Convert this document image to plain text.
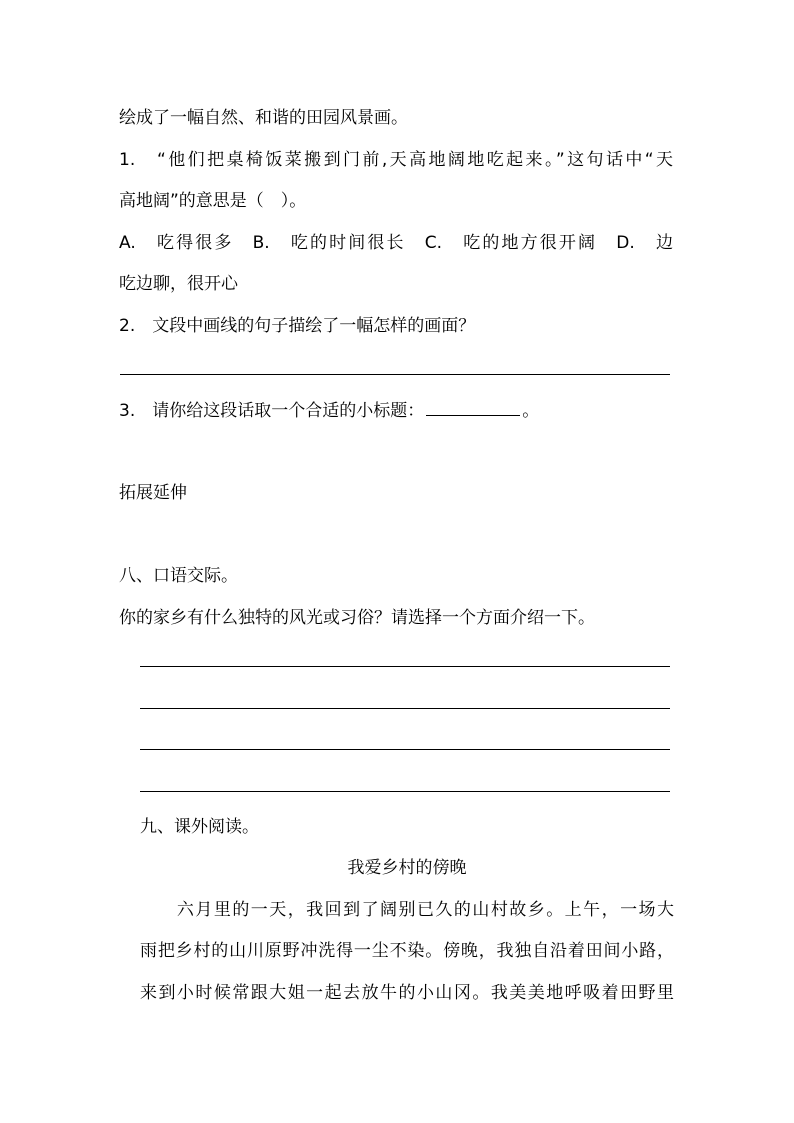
绘成了一幅自然、和谐的田园风景画。
1.　“他们把桌椅饭菜搬到门前,天高地阔地吃起来。”这句话中“天
高地阔”的意思是（　）。
A.　吃得很多　B.　吃的时间很长　C.　吃的地方很开阔　D.　边
吃边聊，很开心
2.　文段中画线的句子描绘了一幅怎样的画面？
3.　请你给这段话取一个合适的小标题：	。
拓展延伸
八、口语交际。
你的家乡有什么独特的风光或习俗？请选择一个方面介绍一下。
九、课外阅读。
我爱乡村的傍晚
　　六月里的一天，我回到了阔别已久的山村故乡。上午，一场大
雨把乡村的山川原野冲洗得一尘不染。傍晚，我独自沿着田间小路，
来到小时候常跟大姐一起去放牛的小山冈。我美美地呼吸着田野里
